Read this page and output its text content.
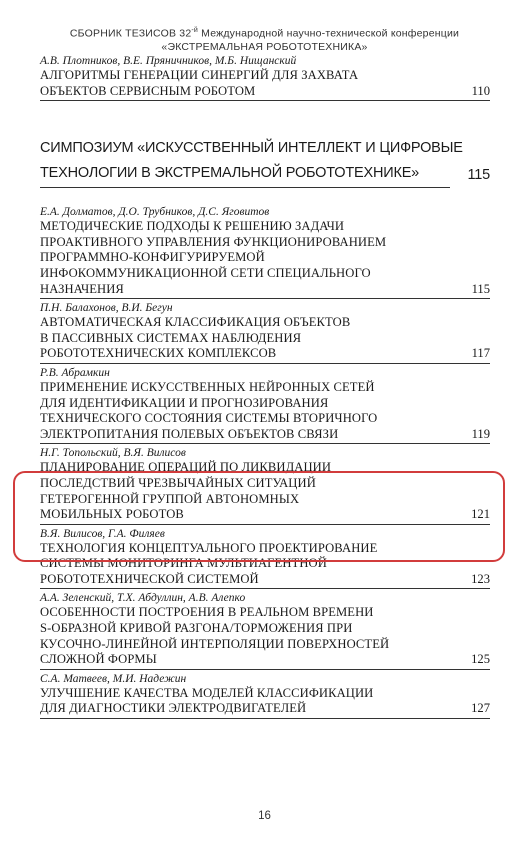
СБОРНИК ТЕЗИСОВ $32^{-й}$ Международной научно-технической конференции
«ЭКСТРЕМАЛЬНАЯ РОБОТОТЕХНИКА»
А.В. Плотников, В.Е. Пряничников, М.Б. Нищанский
АЛГОРИТМЫ ГЕНЕРАЦИИ СИНЕРГИЙ ДЛЯ ЗАХВАТА
ОБЪЕКТОВ СЕРВИСНЫМ РОБОТОМ	110
СИМПОЗИУМ «ИСКУССТВЕННЫЙ ИНТЕЛЛЕКТ И ЦИФРОВЫЕ
ТЕХНОЛОГИИ В ЭКСТРЕМАЛЬНОЙ РОБОТОТЕХНИКЕ»	115
Е.А. Долматов, Д.О. Трубников, Д.С. Яговитов
МЕТОДИЧЕСКИЕ ПОДХОДЫ К РЕШЕНИЮ ЗАДАЧИ
ПРОАКТИВНОГО УПРАВЛЕНИЯ ФУНКЦИОНИРОВАНИЕМ
ПРОГРАММНО-КОНФИГУРИРУЕМОЙ
ИНФОКОММУНИКАЦИОННОЙ СЕТИ СПЕЦИАЛЬНОГО
НАЗНАЧЕНИЯ	115
П.Н. Балахонов, В.И. Бегун
АВТОМАТИЧЕСКАЯ КЛАССИФИКАЦИЯ ОБЪЕКТОВ
В ПАССИВНЫХ СИСТЕМАХ НАБЛЮДЕНИЯ
РОБОТОТЕХНИЧЕСКИХ КОМПЛЕКСОВ	117
Р.В. Абрамкин
ПРИМЕНЕНИЕ ИСКУССТВЕННЫХ НЕЙРОННЫХ СЕТЕЙ
ДЛЯ ИДЕНТИФИКАЦИИ И ПРОГНОЗИРОВАНИЯ
ТЕХНИЧЕСКОГО СОСТОЯНИЯ СИСТЕМЫ ВТОРИЧНОГО
ЭЛЕКТРОПИТАНИЯ ПОЛЕВЫХ ОБЪЕКТОВ СВЯЗИ	119
Н.Г. Топольский, В.Я. Вилисов
ПЛАНИРОВАНИЕ ОПЕРАЦИЙ ПО ЛИКВИДАЦИИ
ПОСЛЕДСТВИЙ ЧРЕЗВЫЧАЙНЫХ СИТУАЦИЙ
ГЕТЕРОГЕННОЙ ГРУППОЙ АВТОНОМНЫХ
МОБИЛЬНЫХ РОБОТОВ	121
В.Я. Вилисов, Г.А. Филяев
ТЕХНОЛОГИЯ КОНЦЕПТУАЛЬНОГО ПРОЕКТИРОВАНИЕ
СИСТЕМЫ МОНИТОРИНГА МУЛЬТИАГЕНТНОЙ
РОБОТОТЕХНИЧЕСКОЙ СИСТЕМОЙ	123
А.А. Зеленский, Т.Х. Абдуллин, А.В. Алепко
ОСОБЕННОСТИ ПОСТРОЕНИЯ В РЕАЛЬНОМ ВРЕМЕНИ
S-ОБРАЗНОЙ КРИВОЙ РАЗГОНА/ТОРМОЖЕНИЯ ПРИ
КУСОЧНО-ЛИНЕЙНОЙ ИНТЕРПОЛЯЦИИ ПОВЕРХНОСТЕЙ
СЛОЖНОЙ ФОРМЫ	125
С.А. Матвеев, М.И. Надежин
УЛУЧШЕНИЕ КАЧЕСТВА МОДЕЛЕЙ КЛАССИФИКАЦИИ
ДЛЯ ДИАГНОСТИКИ ЭЛЕКТРОДВИГАТЕЛЕЙ	127
16
